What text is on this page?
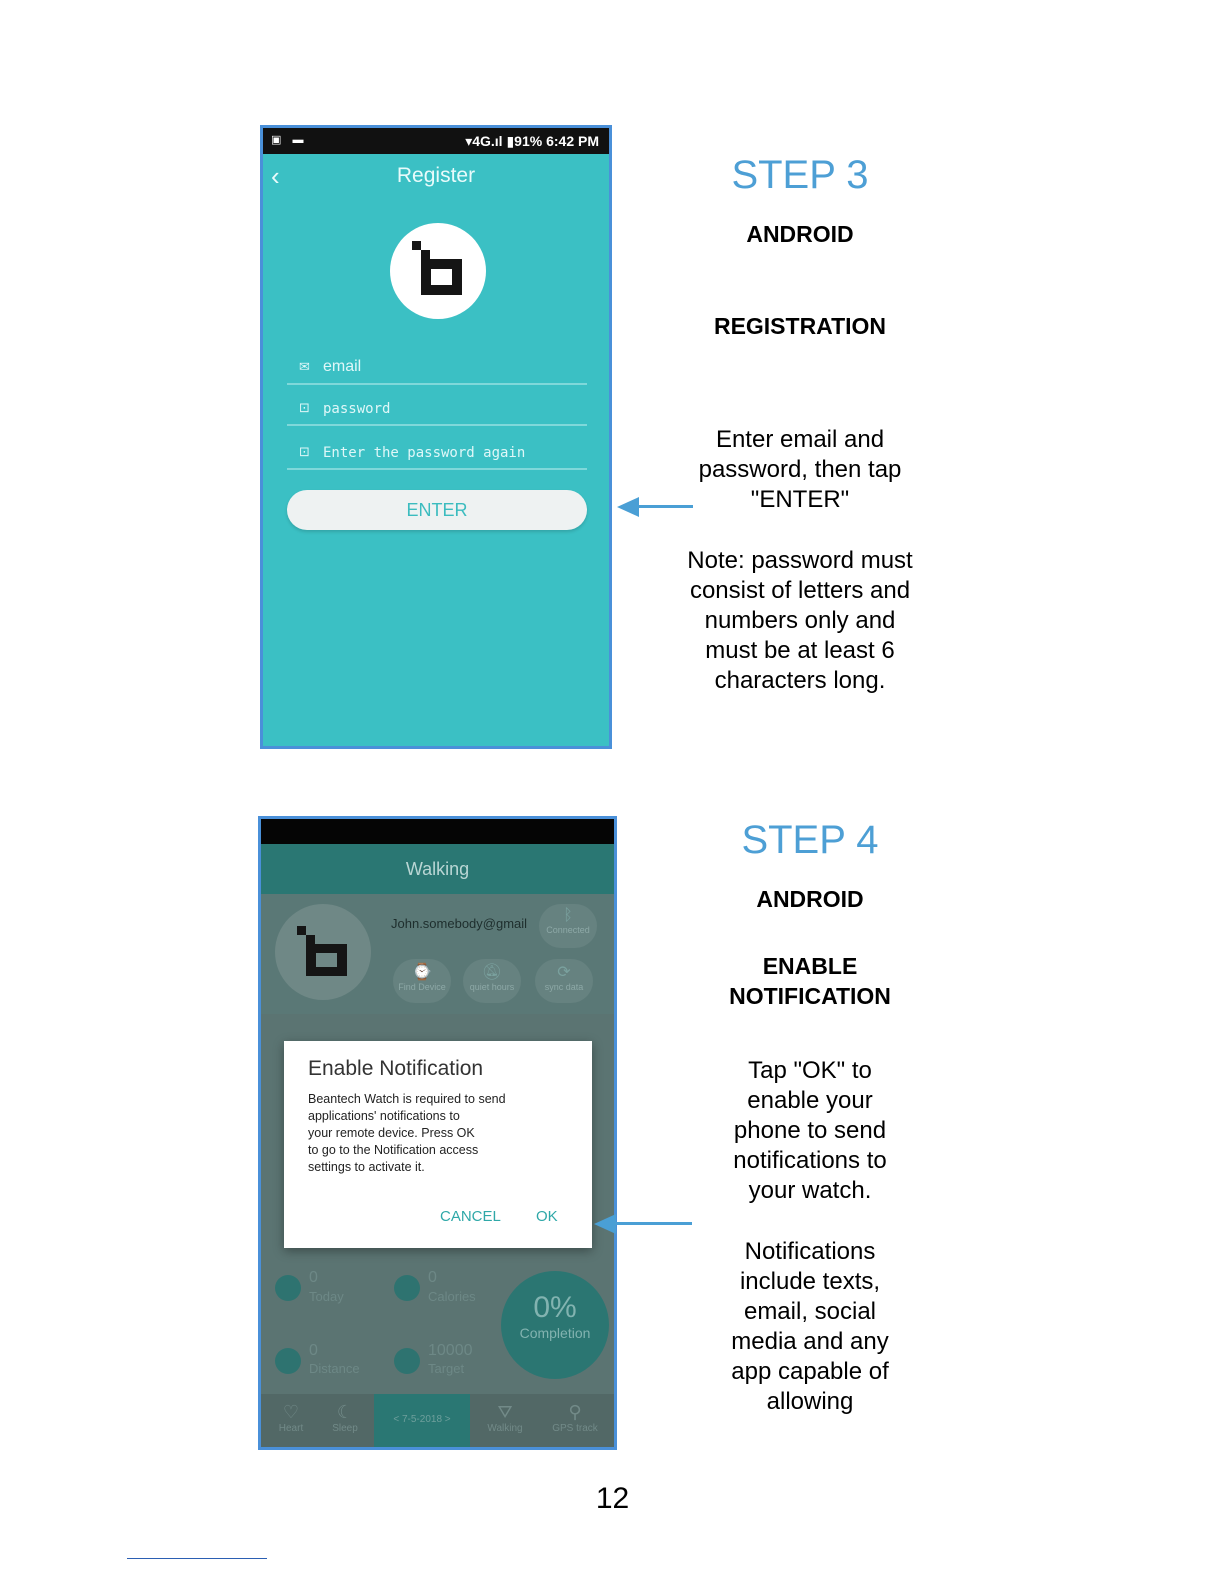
▣ ▬	▾4G.ıl ▮91% 6:42 PM
Register
‹
✉ email
⊡ password
⊡ Enter the password again
ENTER
STEP 3
ANDROID
REGISTRATION
Enter email and
password, then tap
"ENTER"
Note: password must
consist of letters and
numbers only and
must be at least 6
characters long.
Walking
John.somebody@gmail	ᛒ
Connected
⌚
Find Device
🔕︎
quiet hours
⟳
sync data
0
Today
0
Calories
0
Distance
10000
Target
0%
Completion
♡
Heart
☾
Sleep
< 7-5-2018 >	⛛
Walking
⚲
GPS track
Enable Notification
Beantech Watch is required to send
applications' notifications to
your remote device. Press OK
to go to the Notification access
settings to activate it.
CANCEL OK
STEP 4
ANDROID
ENABLE
NOTIFICATION
Tap "OK" to
enable your
phone to send
notifications to
your watch.
Notifications
include texts,
email, social
media and any
app capable of
allowing
12
